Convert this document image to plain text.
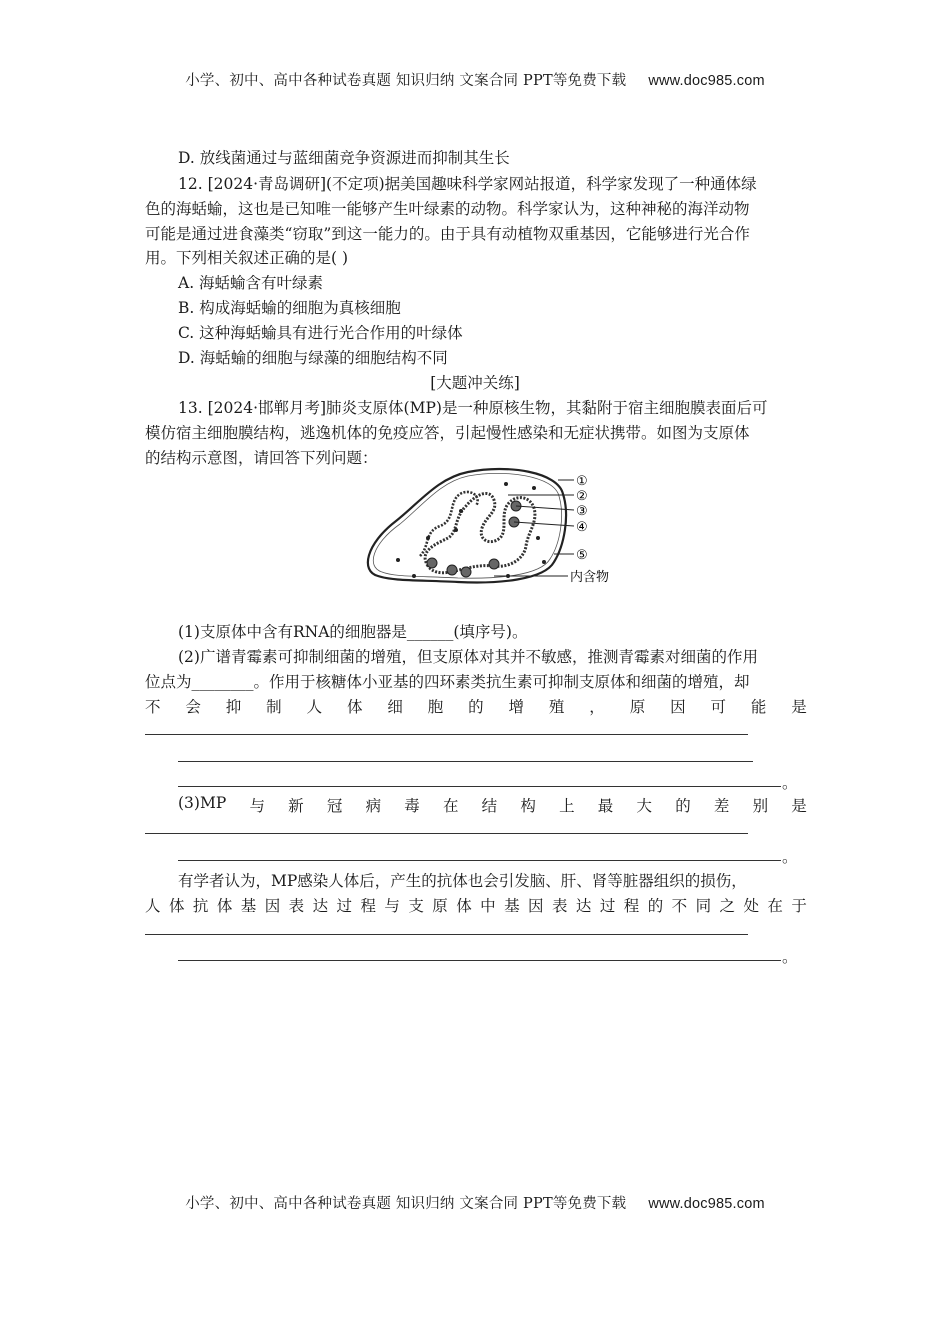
小学、初中、高中各种试卷真题 知识归纳 文案合同 PPT等免费下载 www.doc985.com
D. 放线菌通过与蓝细菌竞争资源进而抑制其生长
12. [2024·青岛调研](不定项)据美国趣味科学家网站报道，科学家发现了一种通体绿
色的海蛞蝓，这也是已知唯一能够产生叶绿素的动物。科学家认为，这种神秘的海洋动物
可能是通过进食藻类“窃取”到这一能力的。由于具有动植物双重基因，它能够进行光合作
用。下列相关叙述正确的是( )
A. 海蛞蝓含有叶绿素
B. 构成海蛞蝓的细胞为真核细胞
C. 这种海蛞蝓具有进行光合作用的叶绿体
D. 海蛞蝓的细胞与绿藻的细胞结构不同
[大题冲关练]
13. [2024·邯郸月考]肺炎支原体(MP)是一种原核生物，其黏附于宿主细胞膜表面后可
模仿宿主细胞膜结构，逃逸机体的免疫应答，引起慢性感染和无症状携带。如图为支原体
的结构示意图，请回答下列问题：
①
②
③
④
⑤
内含物
(1)支原体中含有RNA的细胞器是______(填序号)。
(2)广谱青霉素可抑制细菌的增殖，但支原体对其并不敏感，推测青霉素对细菌的作用
位点为________。作用于核糖体小亚基的四环素类抗生素可抑制支原体和细菌的增殖，却
不 会 抑 制 人 体 细 胞 的 增 殖 ， 原 因 可 能 是
。
(3)MP 与 新 冠 病 毒 在 结 构 上 最 大 的 差 别 是
。
有学者认为，MP感染人体后，产生的抗体也会引发脑、肝、肾等脏器组织的损伤，
人 体 抗 体 基 因 表 达 过 程 与 支 原 体 中 基 因 表 达 过 程 的 不 同 之 处 在 于
。
小学、初中、高中各种试卷真题 知识归纳 文案合同 PPT等免费下载 www.doc985.com
